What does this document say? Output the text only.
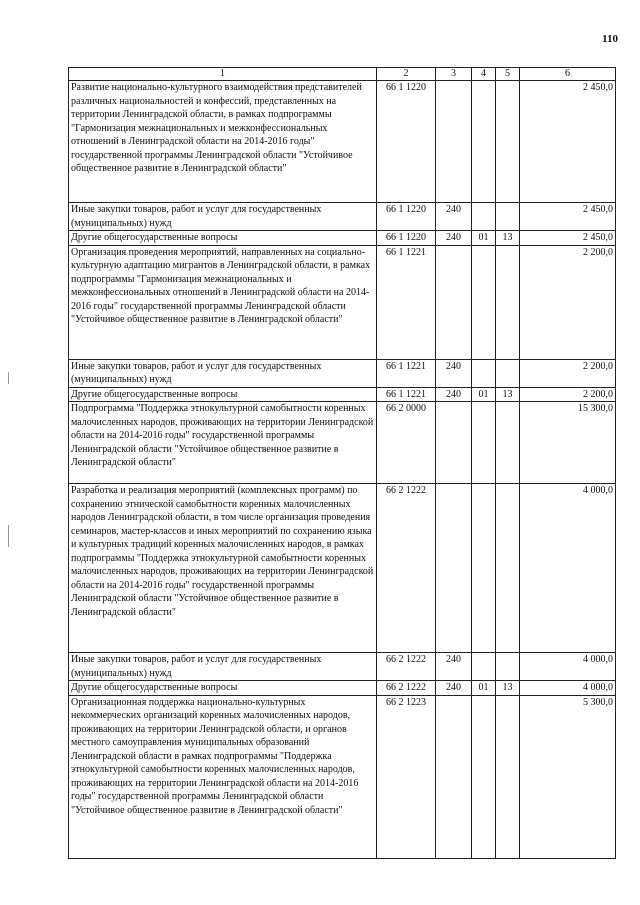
110
1	2	3	4	5	6
Развитие национально-культурного взаимодействия представителей различных национальностей и конфессий, представленных на территории Ленинградской области, в рамках подпрограммы "Гармонизация межнациональных и межконфессиональных отношений в Ленинградской области на 2014-2016 годы" государственной программы Ленинградской области "Устойчивое общественное развитие в Ленинградской области"	66 1 1220				2 450,0
Иные закупки товаров, работ и услуг для государственных (муниципальных) нужд	66 1 1220	240			2 450,0
Другие общегосударственные вопросы	66 1 1220	240	01	13	2 450,0
Организация проведения мероприятий, направленных на социально-культурную адаптацию мигрантов в Ленинградской области, в рамках подпрограммы "Гармонизация межнациональных и межконфессиональных отношений в Ленинградской области на 2014-2016 годы" государственной программы Ленинградской области "Устойчивое общественное развитие в Ленинградской области"	66 1 1221				2 200,0
Иные закупки товаров, работ и услуг для государственных (муниципальных) нужд	66 1 1221	240			2 200,0
Другие общегосударственные вопросы	66 1 1221	240	01	13	2 200,0
Подпрограмма "Поддержка этнокультурной самобытности коренных малочисленных народов, проживающих на территории Ленинградской области на 2014-2016 годы" государственной программы Ленинградской области "Устойчивое общественное развитие в Ленинградской области"	66 2 0000				15 300,0
Разработка и реализация мероприятий (комплексных программ) по сохранению этнической самобытности коренных малочисленных народов Ленинградской области, в том числе организация проведения семинаров, мастер-классов и иных мероприятий по сохранению языка и культурных традиций коренных малочисленных народов, в рамках подпрограммы "Поддержка этнокультурной самобытности коренных малочисленных народов, проживающих на территории Ленинградской области на 2014-2016 годы" государственной программы Ленинградской области "Устойчивое общественное развитие в Ленинградской области"	66 2 1222				4 000,0
Иные закупки товаров, работ и услуг для государственных (муниципальных) нужд	66 2 1222	240			4 000,0
Другие общегосударственные вопросы	66 2 1222	240	01	13	4 000,0
Организационная поддержка национально-культурных некоммерческих организаций коренных малочисленных народов, проживающих на территории Ленинградской области, и органов местного самоуправления муниципальных образований Ленинградской области в рамках подпрограммы "Поддержка этнокультурной самобытности коренных малочисленных народов, проживающих на территории Ленинградской области на 2014-2016 годы" государственной программы Ленинградской области "Устойчивое общественное развитие в Ленинградской области"	66 2 1223				5 300,0
